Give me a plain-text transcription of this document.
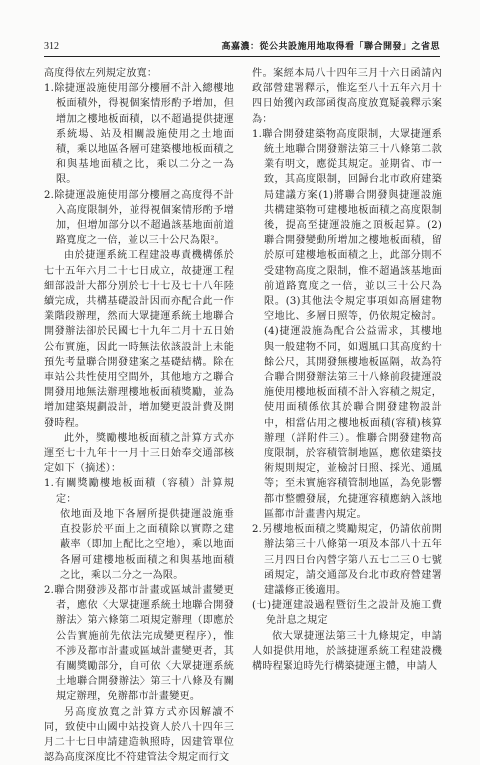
312	高嘉濃：從公共設施用地取得看「聯合開發」之省思

高度得依左列規定放寬：

1.除捷運設施使用部分樓層不計入總樓地板面積外，得視個案情形酌予增加，但增加之樓地板面積，以不超過提供捷運系統場、站及相關設施使用之土地面積，乘以地區各層可建築樓地板面積之和與基地面積之比，乘以二分之一為限。

2.除捷運設施使用部分樓層之高度得不計入高度限制外，並得視個案情形酌予增加，但增加部分以不超過該基地面前道路寬度之一倍，並以三十公尺為限²。

由於捷運系統工程建設專責機構係於七十五年六月二十七日成立，故捷運工程細部設計大都分別於七十七及七十八年陸續完成，共構基礎設計因而亦配合此一作業階段辦理，然而大眾捷運系統土地聯合開發辦法卻於民國七十九年二月十五日始公布實施，因此一時無法依該設計上未能預先考量聯合開發建案之基礎結構。除在車站公共性使用空間外，其他地方之聯合開發用地無法辦理樓地板面積獎勵，並為增加建築規劃設計，增加變更設計費及開發時程。

此外，獎勵樓地板面積之計算方式亦運至七十九年十一月十三日始奉交通部核定如下（摘述）：

1.有關獎勵樓地板面積（容積）計算規定：

依地面及地下各層所提供捷運設施垂直投影於平面上之面積除以實際之建蔽率（即加上配比之空地），乘以地面各層可建樓地板面積之和與基地面積之比，乘以二分之一為限。

2.聯合開發涉及都市計畫或區域計畫變更者，應依〈大眾捷運系統土地聯合開發辦法〉第六條第二項規定辦理（即應於公告實施前先依法完成變更程序），惟不涉及都市計畫或區域計畫變更者，其有關獎勵部分，自可依〈大眾捷運系統土地聯合開發辦法〉第三十八條及有關規定辦理，免辦都市計畫變更。

另高度放寬之計算方式亦因解讀不同，致使中山國中站投資人於八十四年三月二十七日申請建造執照時，因建管單位認為高度深度比不符建管法令規定而行文

件。案經本局八十四年三月十六日函請內政部營建署釋示，惟迄至八十五年六月十四日始獲內政部函復高度放寬疑義釋示案為：

1.聯合開發建築物高度限制，大眾捷運系統土地聯合開發辦法第三十八條第二款業有明文，應從其規定。並期省、市一致，其高度限制，回歸台北市政府建築局建議方案(1)將聯合開發與捷運設施共構建築物可建樓地板面積之高度限制後，提高至捷運設施之頂板起算。(2)聯合開發變動所增加之樓地板面積，留於原可建樓地板面積之上，此部分則不受建物高度之限制，惟不超過該基地面前道路寬度之一倍，並以三十公尺為限。(3)其他法令規定事項如高層建物空地比、多層日照等，仍依規定檢討。(4)捷運設施為配合公益需求，其樓地與一般建物不同，如週風口其高度約十餘公尺，其開發無樓地板區隔，故為符合聯合開發辦法第三十八條前段捷運設施使用樓地板面積不計入容積之規定，使用面積係依其於聯合開發建物設計中，相當佔用之樓地板面積(容積)核算辦理（詳附件三）。惟聯合開發建物高度限制，於容積管制地區，應依建築技術規則規定，並檢討日照、採光、通風等；至未實施容積管制地區，為免影響都市整體發展，允捷運容積應納入該地區都市計畫書內規定。

2.另樓地板面積之獎勵規定，仍請依前開辦法第三十八條第一項及本部八十五年三月四日台內營字第八五七二三０七號函規定，請交通部及台北市政府營建署建議修正後適用。

(七)捷運建設過程暨衍生之設計及施工費免計息之規定

依大眾捷運法第三十九條規定，申請人如提供用地，於該捷運系統工程建設機構時程緊迫時先行構築捷運主體，申請人
